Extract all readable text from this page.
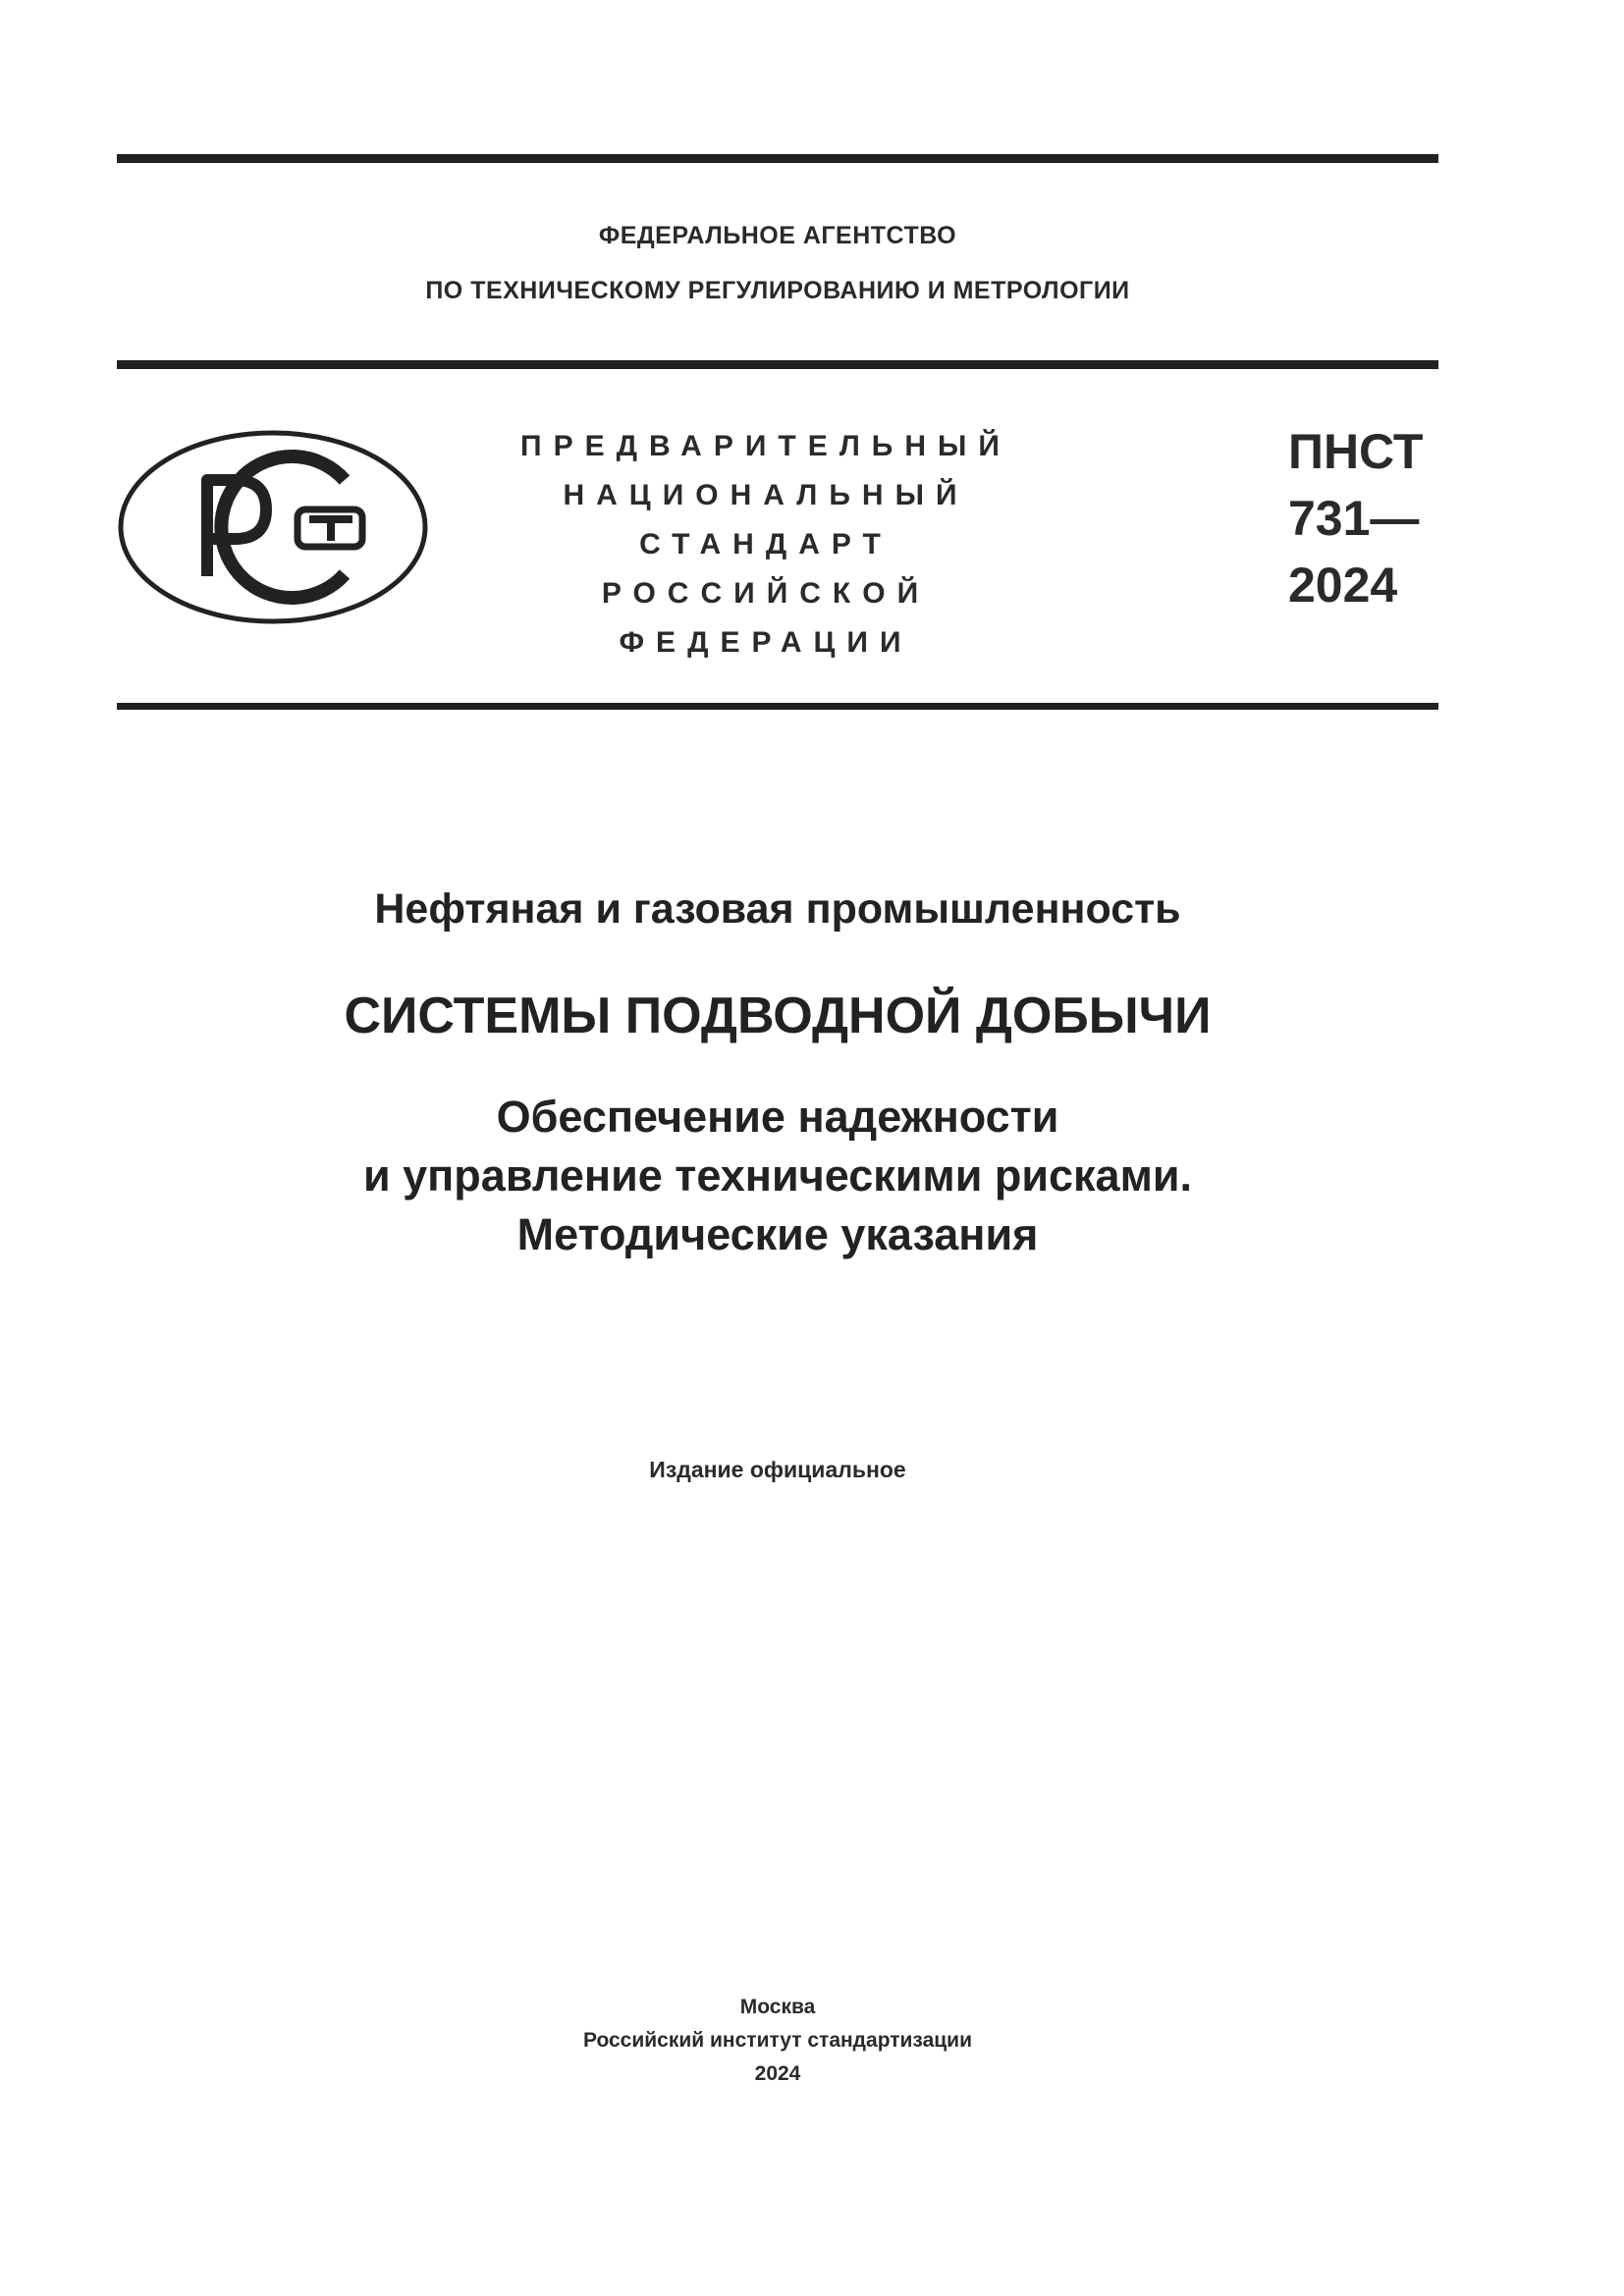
ФЕДЕРАЛЬНОЕ АГЕНТСТВО
ПО ТЕХНИЧЕСКОМУ РЕГУЛИРОВАНИЮ И МЕТРОЛОГИИ
ПРЕДВАРИТЕЛЬНЫЙ
НАЦИОНАЛЬНЫЙ
СТАНДАРТ
РОССИЙСКОЙ
ФЕДЕРАЦИИ
ПНСТ
731—
2024
Нефтяная и газовая промышленность
СИСТЕМЫ ПОДВОДНОЙ ДОБЫЧИ
Обеспечение надежности
и управление техническими рисками.
Методические указания
Издание официальное
Москва
Российский институт стандартизации
2024
